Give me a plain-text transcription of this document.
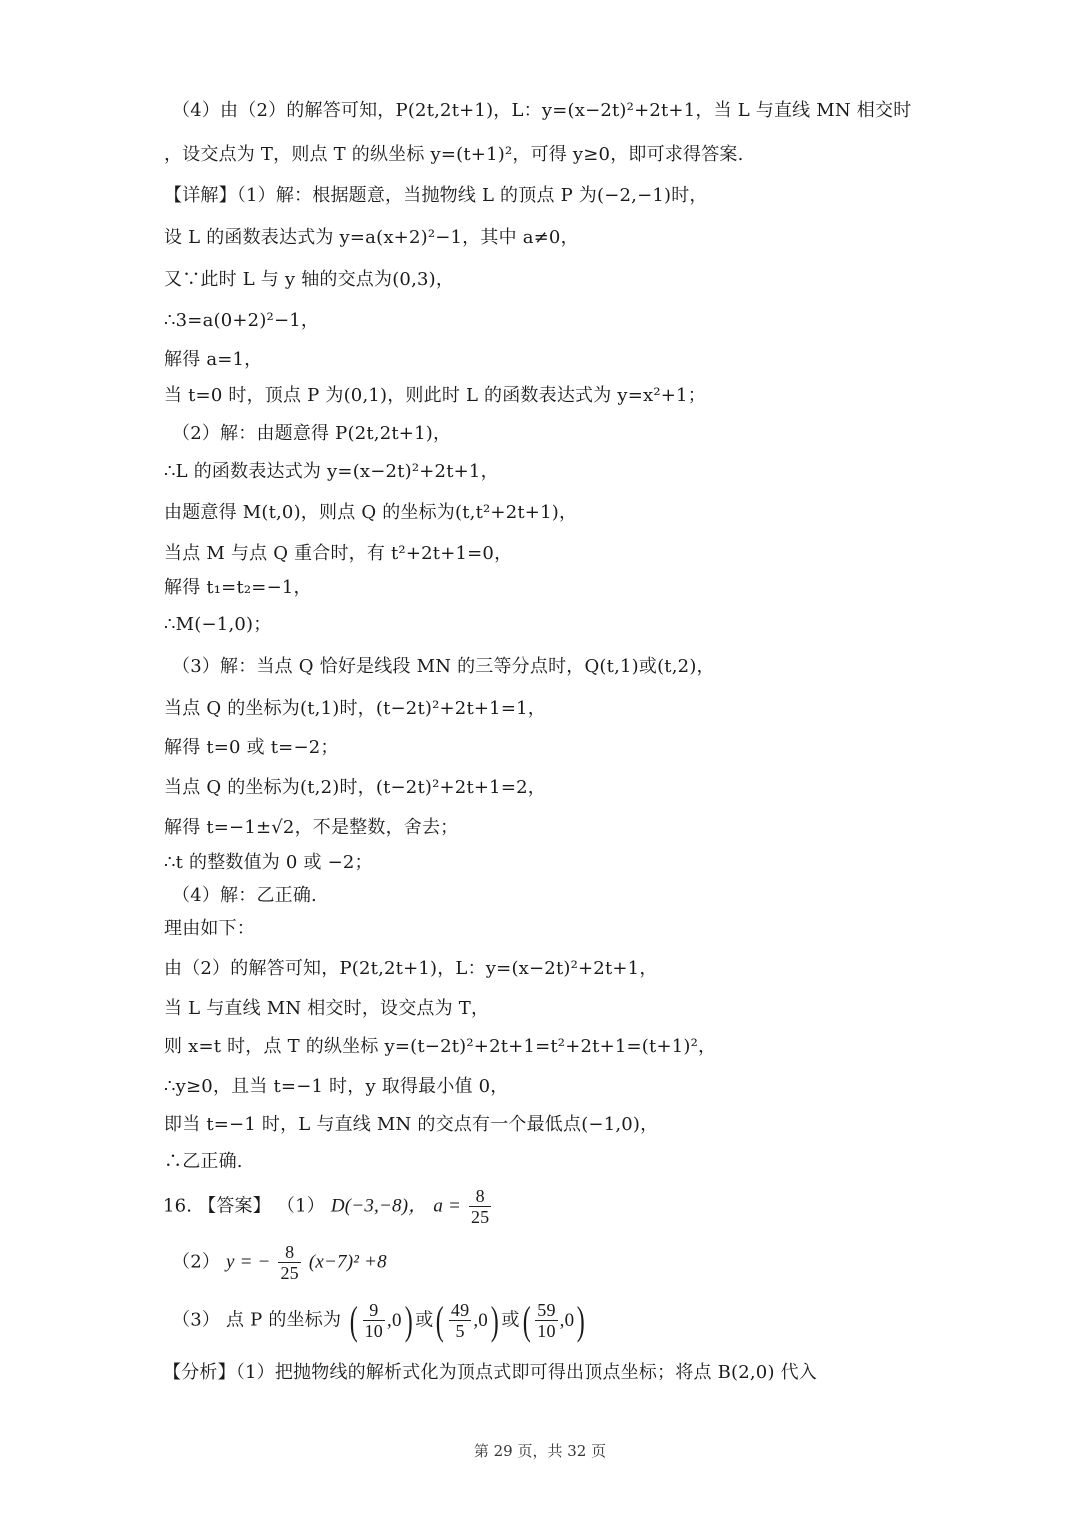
（4）由（2）的解答可知，P(2t,2t+1)，L：y=(x−2t)²+2t+1，当 L 与直线 MN 相交时
，设交点为 T，则点 T 的纵坐标 y=(t+1)²，可得 y≥0，即可求得答案.
【详解】（1）解：根据题意，当抛物线 L 的顶点 P 为(−2,−1)时，
设 L 的函数表达式为 y=a(x+2)²−1，其中 a≠0，
又∵此时 L 与 y 轴的交点为(0,3)，
∴3=a(0+2)²−1，
解得 a=1，
当 t=0 时，顶点 P 为(0,1)，则此时 L 的函数表达式为 y=x²+1；
（2）解：由题意得 P(2t,2t+1)，
∴L 的函数表达式为 y=(x−2t)²+2t+1，
由题意得 M(t,0)，则点 Q 的坐标为(t,t²+2t+1)，
当点 M 与点 Q 重合时，有 t²+2t+1=0，
解得 t₁=t₂=−1，
∴M(−1,0)；
（3）解：当点 Q 恰好是线段 MN 的三等分点时，Q(t,1)或(t,2)，
当点 Q 的坐标为(t,1)时，(t−2t)²+2t+1=1，
解得 t=0 或 t=−2；
当点 Q 的坐标为(t,2)时，(t−2t)²+2t+1=2，
解得 t=−1±√2，不是整数，舍去；
∴t 的整数值为 0 或 −2；
（4）解：乙正确.
理由如下：
由（2）的解答可知，P(2t,2t+1)，L：y=(x−2t)²+2t+1，
当 L 与直线 MN 相交时，设交点为 T，
则 x=t 时，点 T 的纵坐标 y=(t−2t)²+2t+1=t²+2t+1=(t+1)²，
∴y≥0，且当 t=−1 时，y 取得最小值 0，
即当 t=−1 时，L 与直线 MN 的交点有一个最低点(−1,0)，
∴乙正确.
16. 【答案】 （1） D(−3,−8)， $a = \frac{8}{25}$
（2） y = − $\frac{8}{25} (x-7)^2 +8$
（3） 点 P 的坐标为 ( $\frac{9}{10} ,0$) 或( $\frac{49}{5} ,0$) 或( $\frac{59}{10} ,0$)
【分析】（1）把抛物线的解析式化为顶点式即可得出顶点坐标；将点 B(2,0) 代入
第 29 页，共 32 页
